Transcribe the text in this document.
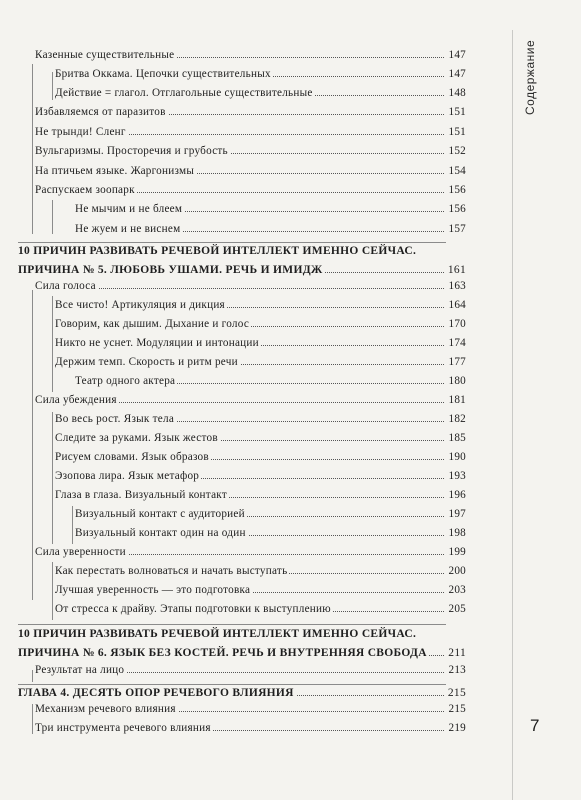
Содержание
7
Казенные существительные	147
Бритва Оккама. Цепочки существительных	147
Действие = глагол. Отглагольные существительные	148
Избавляемся от паразитов	151
Не трынди! Сленг	151
Вульгаризмы. Просторечия и грубость	152
На птичьем языке. Жаргонизмы	154
Распускаем зоопарк	156
Не мычим и не блеем	156
Не жуем и не виснем	157
10 ПРИЧИН РАЗВИВАТЬ РЕЧЕВОЙ ИНТЕЛЛЕКТ ИМЕННО СЕЙЧАС.
ПРИЧИНА № 5. ЛЮБОВЬ УШАМИ. РЕЧЬ И ИМИДЖ	161
Сила голоса	163
Все чисто! Артикуляция и дикция	164
Говорим, как дышим. Дыхание и голос	170
Никто не уснет. Модуляции и интонации	174
Держим темп. Скорость и ритм речи	177
Театр одного актера	180
Сила убеждения	181
Во весь рост. Язык тела	182
Следите за руками. Язык жестов	185
Рисуем словами. Язык образов	190
Эзопова лира. Язык метафор	193
Глаза в глаза. Визуальный контакт	196
Визуальный контакт с аудиторией	197
Визуальный контакт один на один	198
Сила уверенности	199
Как перестать волноваться и начать выступать	200
Лучшая уверенность — это подготовка	203
От стресса к драйву. Этапы подготовки к выступлению	205
10 ПРИЧИН РАЗВИВАТЬ РЕЧЕВОЙ ИНТЕЛЛЕКТ ИМЕННО СЕЙЧАС.
ПРИЧИНА № 6. ЯЗЫК БЕЗ КОСТЕЙ. РЕЧЬ И ВНУТРЕННЯЯ СВОБОДА 211
Результат на лицо	213
ГЛАВА 4. ДЕСЯТЬ ОПОР РЕЧЕВОГО ВЛИЯНИЯ	215
Механизм речевого влияния	215
Три инструмента речевого влияния	219
